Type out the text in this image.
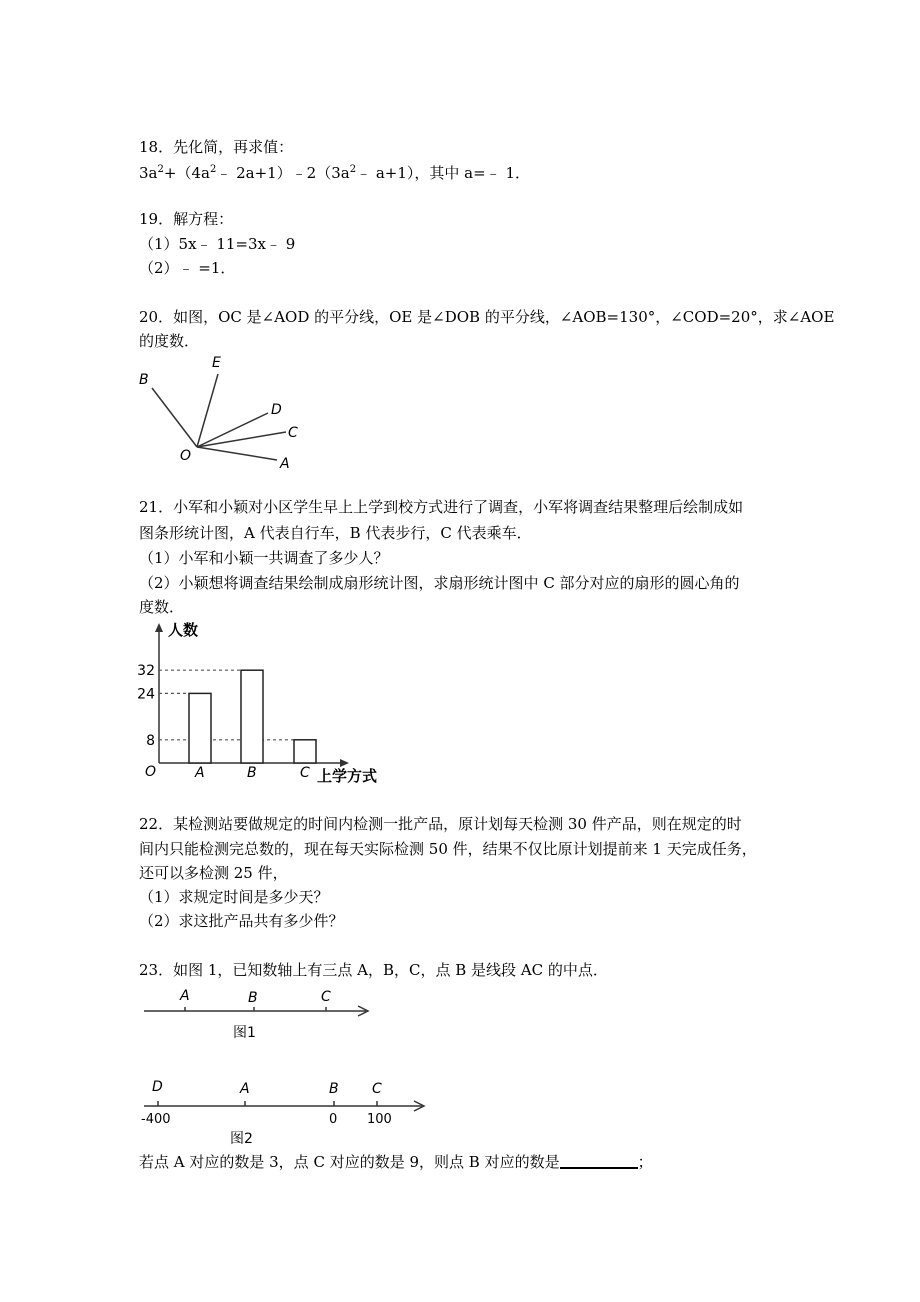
18．先化简，再求值：
$3a^2+(4a^2﹣$ $2a+1)﹣2(3a^2﹣$ a+1），其中 a=﹣ 1．
19．解方程：
（1）5x﹣ 11=3x﹣ 9
（2）﹣ =1．
20．如图，OC 是∠AOD 的平分线，OE 是∠DOB 的平分线，∠AOB=130°，∠COD=20°，求∠AOE
的度数．
B
E
D
C
O	A
21．小军和小颖对小区学生早上上学到校方式进行了调查，小军将调查结果整理后绘制成如
图条形统计图，A 代表自行车，B 代表步行，C 代表乘车．
（1）小军和小颖一共调查了多少人？
（2）小颖想将调查结果绘制成扇形统计图，求扇形统计图中 C 部分对应的扇形的圆心角的
度数．
人数
上学方式
O
8
24
32
A	B	C
22．某检测站要做规定的时间内检测一批产品，原计划每天检测 30 件产品，则在规定的时
间内只能检测完总数的，现在每天实际检测 50 件，结果不仅比原计划提前来 1 天完成任务，
还可以多检测 25 件，
（1）求规定时间是多少天？
（2）求这批产品共有多少件？
23．如图 1，已知数轴上有三点 A，B，C，点 B 是线段 AC 的中点．
A	B	C
图1
D	A	B C
-400	0 100
图2
若点 A 对应的数是 3，点 C 对应的数是 9，则点 B 对应的数是	；
